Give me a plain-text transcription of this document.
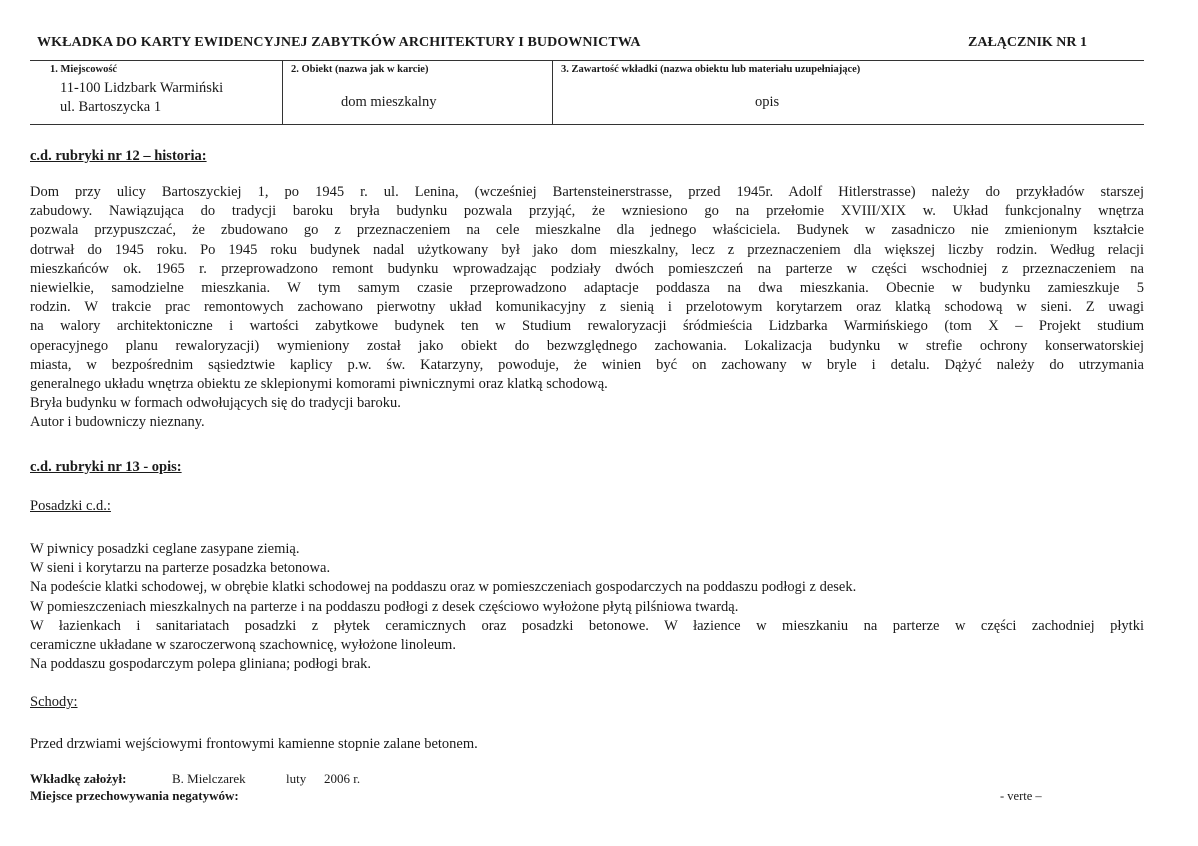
WKŁADKA DO KARTY EWIDENCYJNEJ ZABYTKÓW ARCHITEKTURY I BUDOWNICTWA	ZAŁĄCZNIK NR 1
1. Miejscowość
11-100 Lidzbark Warmiński
ul. Bartoszycka 1
2. Obiekt (nazwa jak w karcie)
dom mieszkalny
3. Zawartość wkładki (nazwa obiektu lub materiału uzupełniające)
opis
c.d. rubryki nr 12 – historia:
Dom przy ulicy Bartoszyckiej 1, po 1945 r. ul. Lenina, (wcześniej Bartensteinerstrasse, przed 1945r. Adolf Hitlerstrasse) należy do przykładów starszej
zabudowy. Nawiązująca do tradycji baroku bryła budynku pozwala przyjąć, że wzniesiono go na przełomie XVIII/XIX w. Układ funkcjonalny wnętrza
pozwala przypuszczać, że zbudowano go z przeznaczeniem na cele mieszkalne dla jednego właściciela. Budynek w zasadniczo nie zmienionym kształcie
dotrwał do 1945 roku. Po 1945 roku budynek nadal użytkowany był jako dom mieszkalny, lecz z przeznaczeniem dla większej liczby rodzin. Według relacji
mieszkańców ok. 1965 r. przeprowadzono remont budynku wprowadzając podziały dwóch pomieszczeń na parterze w części wschodniej z przeznaczeniem na
niewielkie, samodzielne mieszkania. W tym samym czasie przeprowadzono adaptacje poddasza na dwa mieszkania. Obecnie w budynku zamieszkuje 5
rodzin. W trakcie prac remontowych zachowano pierwotny układ komunikacyjny z sienią i przelotowym korytarzem oraz klatką schodową w sieni. Z uwagi
na walory architektoniczne i wartości zabytkowe budynek ten w Studium rewaloryzacji śródmieścia Lidzbarka Warmińskiego (tom X – Projekt studium
operacyjnego planu rewaloryzacji) wymieniony został jako obiekt do bezwzględnego zachowania. Lokalizacja budynku w strefie ochrony konserwatorskiej
miasta, w bezpośrednim sąsiedztwie kaplicy p.w. św. Katarzyny, powoduje, że winien być on zachowany w bryle i detalu. Dążyć należy do utrzymania
generalnego układu wnętrza obiektu ze sklepionymi komorami piwnicznymi oraz klatką schodową.
Bryła budynku w formach odwołujących się do tradycji baroku.
Autor i budowniczy nieznany.
c.d. rubryki nr 13 - opis:
Posadzki c.d.:
W piwnicy posadzki ceglane zasypane ziemią.
W sieni i korytarzu na parterze posadzka betonowa.
Na podeście klatki schodowej, w obrębie klatki schodowej na poddaszu oraz w pomieszczeniach gospodarczych na poddaszu podłogi z desek.
W pomieszczeniach mieszkalnych na parterze i na poddaszu podłogi z desek częściowo wyłożone płytą pilśniowa twardą.
W łazienkach i sanitariatach posadzki z płytek ceramicznych oraz posadzki betonowe. W łazience w mieszkaniu na parterze w części zachodniej płytki
ceramiczne układane w szaroczerwoną szachownicę, wyłożone linoleum.
Na poddaszu gospodarczym polepa gliniana; podłogi brak.
Schody:
Przed drzwiami wejściowymi frontowymi kamienne stopnie zalane betonem.
Wkładkę założył:	B. Mielczarek	luty 2006 r.
Miejsce przechowywania negatywów:	- verte –
